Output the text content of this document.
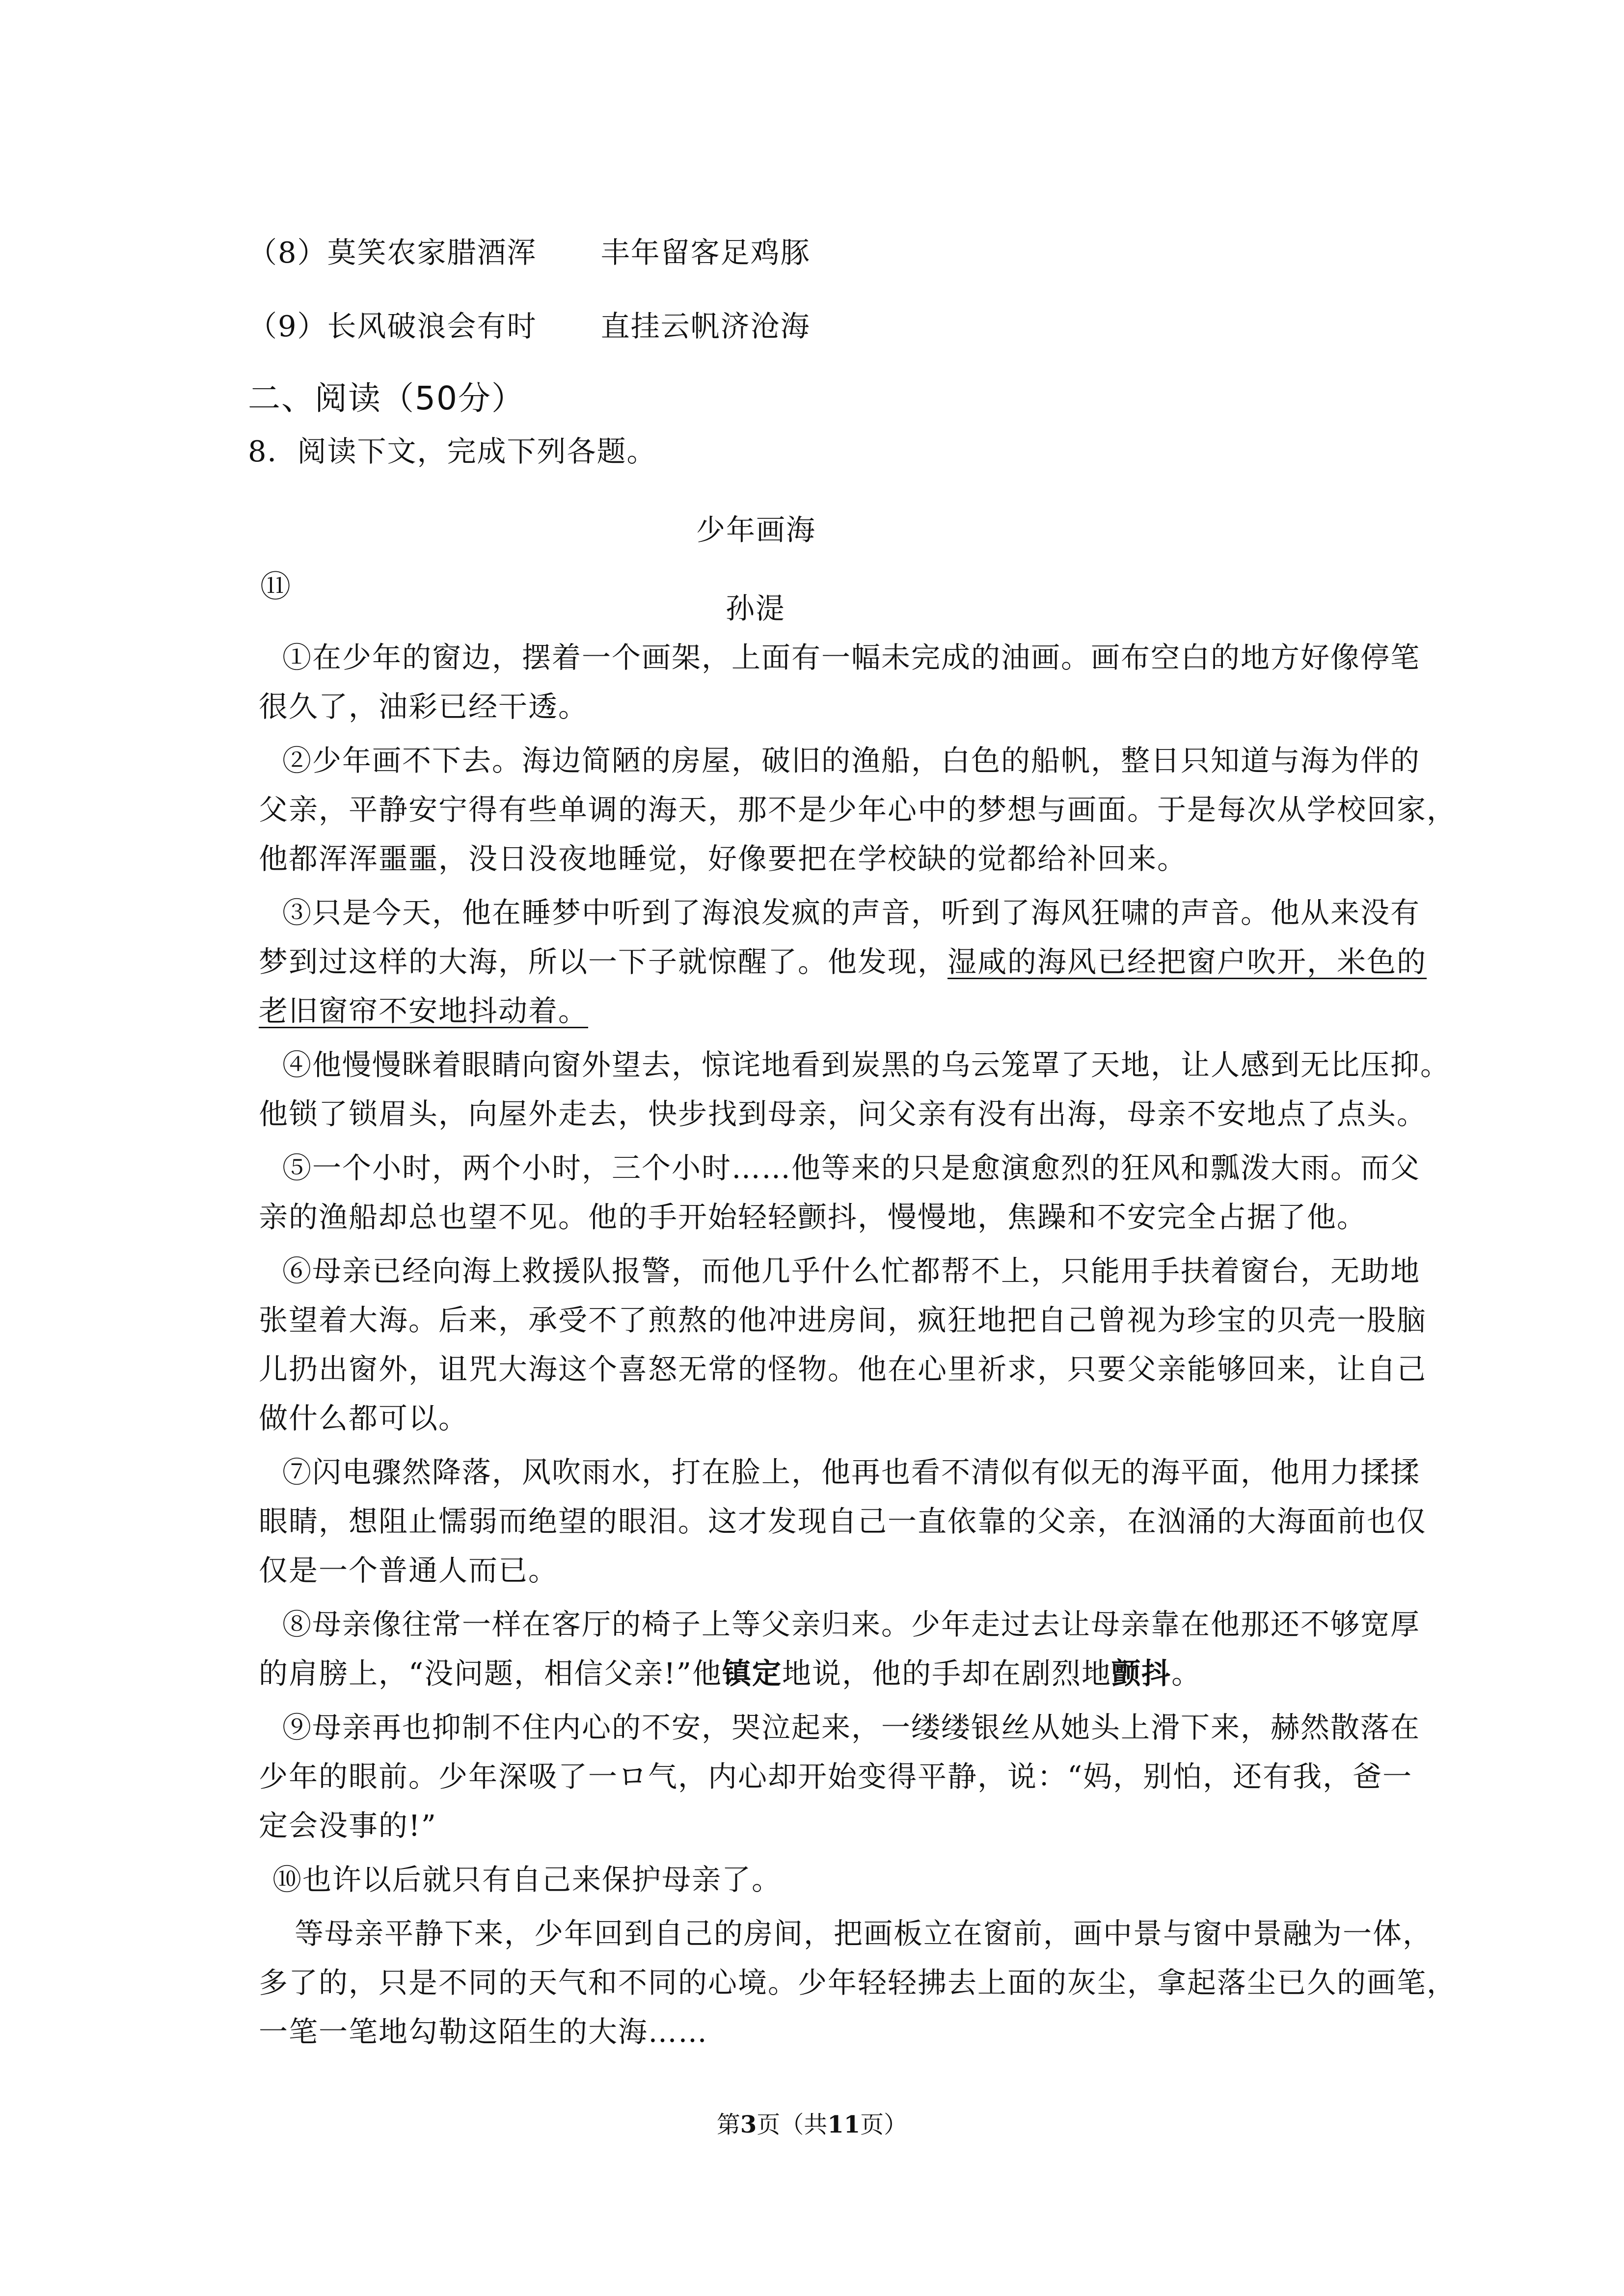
（8）莫笑农家腊酒浑 丰年留客足鸡豚
（9）长风破浪会有时 直挂云帆济沧海
二、阅读（50分）
8．阅读下文，完成下列各题。
少年画海
⑪
孙湜
①在少年的窗边，摆着一个画架，上面有一幅未完成的油画。画布空白的地方好像停笔
很久了，油彩已经干透。
②少年画不下去。海边简陋的房屋，破旧的渔船，白色的船帆，整日只知道与海为伴的
父亲，平静安宁得有些单调的海天，那不是少年心中的梦想与画面。于是每次从学校回家，
他都浑浑噩噩，没日没夜地睡觉，好像要把在学校缺的觉都给补回来。
③只是今天，他在睡梦中听到了海浪发疯的声音，听到了海风狂啸的声音。他从来没有
梦到过这样的大海，所以一下子就惊醒了。他发现，湿咸的海风已经把窗户吹开，米色的
老旧窗帘不安地抖动着。
④他慢慢眯着眼睛向窗外望去，惊诧地看到炭黑的乌云笼罩了天地，让人感到无比压抑。
他锁了锁眉头，向屋外走去，快步找到母亲，问父亲有没有出海，母亲不安地点了点头。
⑤一个小时，两个小时，三个小时……他等来的只是愈演愈烈的狂风和瓢泼大雨。而父
亲的渔船却总也望不见。他的手开始轻轻颤抖，慢慢地，焦躁和不安完全占据了他。
⑥母亲已经向海上救援队报警，而他几乎什么忙都帮不上，只能用手扶着窗台，无助地
张望着大海。后来，承受不了煎熬的他冲进房间，疯狂地把自己曾视为珍宝的贝壳一股脑
儿扔出窗外，诅咒大海这个喜怒无常的怪物。他在心里祈求，只要父亲能够回来，让自己
做什么都可以。
⑦闪电骤然降落，风吹雨水，打在脸上，他再也看不清似有似无的海平面，他用力揉揉
眼睛，想阻止懦弱而绝望的眼泪。这才发现自己一直依靠的父亲，在汹涌的大海面前也仅
仅是一个普通人而已。
⑧母亲像往常一样在客厅的椅子上等父亲归来。少年走过去让母亲靠在他那还不够宽厚
的肩膀上，“没问题，相信父亲!”他镇定地说，他的手却在剧烈地颤抖。
⑨母亲再也抑制不住内心的不安，哭泣起来，一缕缕银丝从她头上滑下来，赫然散落在
少年的眼前。少年深吸了一ロ气，内心却开始变得平静，说：“妈，别怕，还有我，爸一
定会没事的!”
⑩也许以后就只有自己来保护母亲了。
等母亲平静下来，少年回到自己的房间，把画板立在窗前，画中景与窗中景融为一体，
多了的，只是不同的天气和不同的心境。少年轻轻拂去上面的灰尘，拿起落尘已久的画笔，
一笔一笔地勾勒这陌生的大海……
第3页（共11页）
